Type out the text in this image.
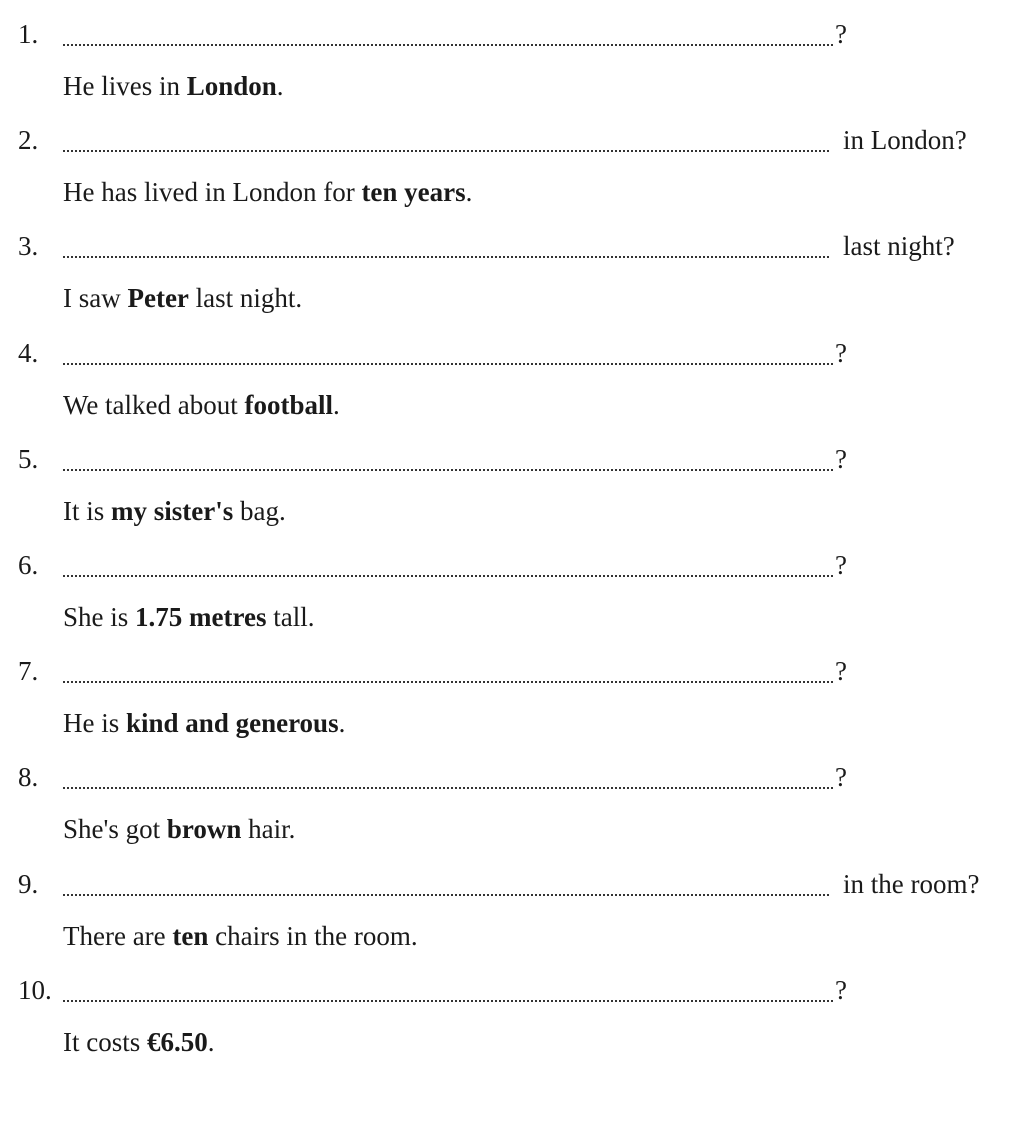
1.	?
He lives in London.
2.	in London?
He has lived in London for ten years.
3.	last night?
I saw Peter last night.
4.	?
We talked about football.
5.	?
It is my sister's bag.
6.	?
She is 1.75 metres tall.
7.	?
He is kind and generous.
8.	?
She's got brown hair.
9.	in the room?
There are ten chairs in the room.
10.	?
It costs €6.50.
